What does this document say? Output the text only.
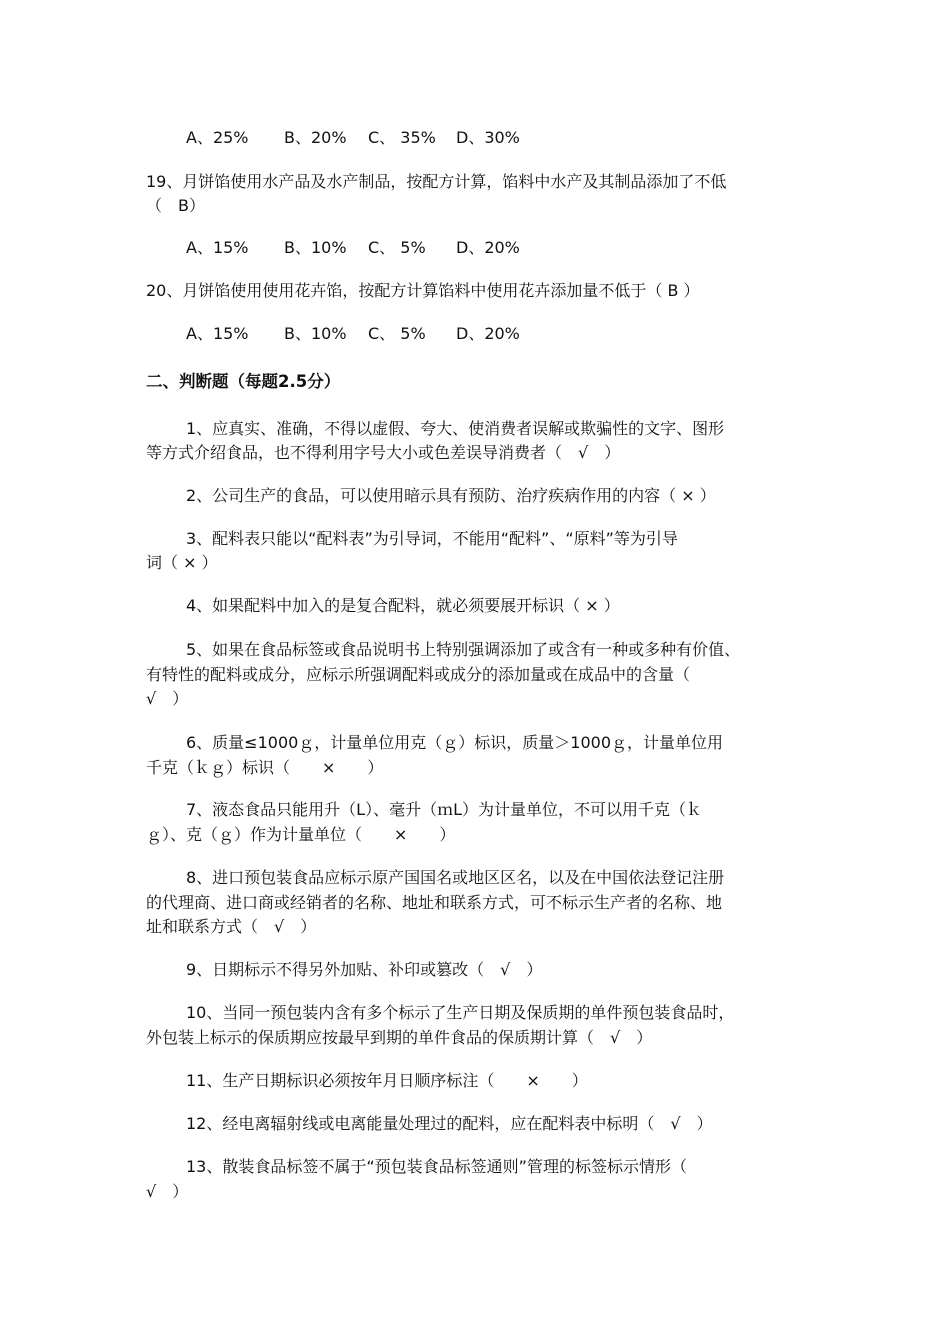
A、25% B、20% C、 35% D、30%
19、月饼馅使用水产品及水产制品，按配方计算，馅料中水产及其制品添加了不低
（　B）
A、15% B、10% C、 5% D、20%
20、月饼馅使用使用花卉馅，按配方计算馅料中使用花卉添加量不低于（ B ）
A、15% B、10% C、 5% D、20%
二、判断题（每题2.5分）
1、应真实、准确，不得以虚假、夸大、使消费者误解或欺骗性的文字、图形
等方式介绍食品，也不得利用字号大小或色差误导消费者（　√　）
2、公司生产的食品，可以使用暗示具有预防、治疗疾病作用的内容（ × ）
3、配料表只能以“配料表”为引导词，不能用“配料”、“原料”等为引导
词（ × ）
4、如果配料中加入的是复合配料，就必须要展开标识（ × ）
5、如果在食品标签或食品说明书上特别强调添加了或含有一种或多种有价值、
有特性的配料或成分，应标示所强调配料或成分的添加量或在成品中的含量（
√　）
6、质量≤1000ｇ，计量单位用克（ｇ）标识，质量＞1000ｇ，计量单位用
千克（ｋｇ）标识（　　×　　）
7、液态食品只能用升（L）、毫升（ｍL）为计量单位，不可以用千克（ｋ
ｇ）、克（ｇ）作为计量单位（　　×　　）
8、进口预包装食品应标示原产国国名或地区区名，以及在中国依法登记注册
的代理商、进口商或经销者的名称、地址和联系方式，可不标示生产者的名称、地
址和联系方式（　√　）
9、日期标示不得另外加贴、补印或篡改（　√　）
10、当同一预包装内含有多个标示了生产日期及保质期的单件预包装食品时，
外包装上标示的保质期应按最早到期的单件食品的保质期计算（　√　）
11、生产日期标识必须按年月日顺序标注（　　×　　）
12、经电离辐射线或电离能量处理过的配料，应在配料表中标明（　√　）
13、散装食品标签不属于“预包装食品标签通则”管理的标签标示情形（
√　）
